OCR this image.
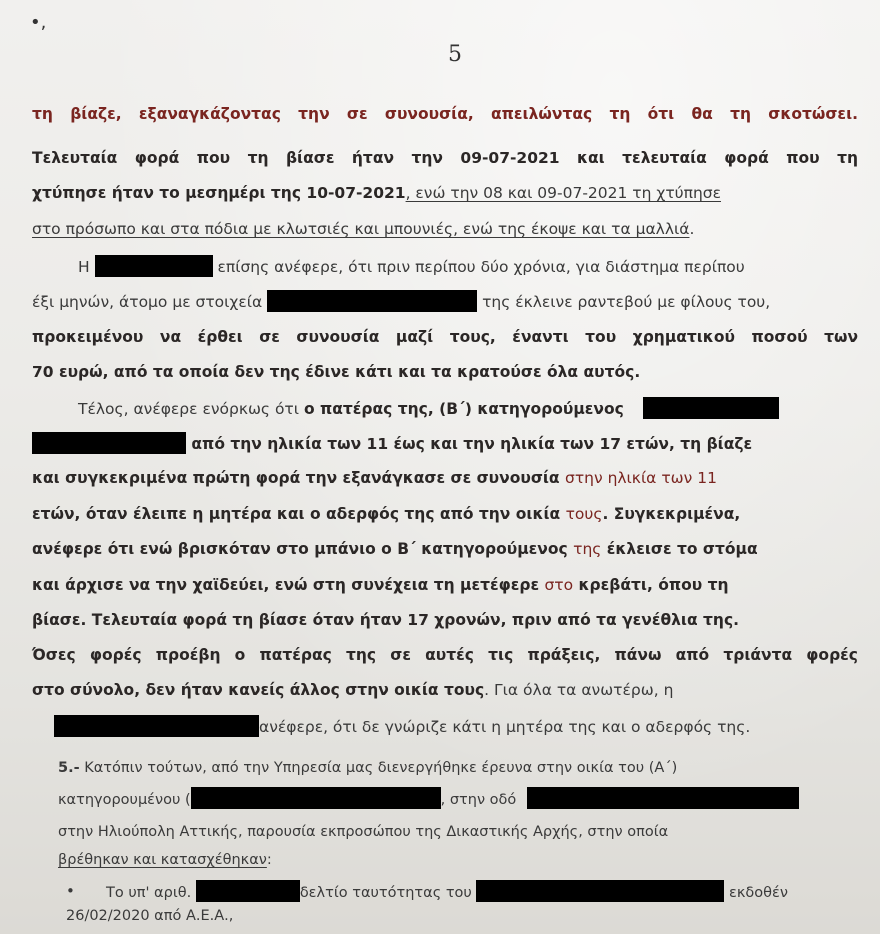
•,
5
τη βίαζε, εξαναγκάζοντας την σε συνουσία, απειλώντας τη ότι θα τη σκοτώσει.
Τελευταία φορά που τη βίασε ήταν την 09-07-2021 και τελευταία φορά που τη
χτύπησε ήταν το μεσημέρι της 10-07-2021, ενώ την 08 και 09-07-2021 τη χτύπησε
στο πρόσωπο και στα πόδια με κλωτσιές και μπουνιές, ενώ της έκοψε και τα μαλλιά.
Η	επίσης ανέφερε, ότι πριν περίπου δύο χρόνια, για διάστημα περίπου
έξι μηνών, άτομο με στοιχεία	της έκλεινε ραντεβού με φίλους του,
προκειμένου να έρθει σε συνουσία μαζί τους, έναντι του χρηματικού ποσού των
70 ευρώ, από τα οποία δεν της έδινε κάτι και τα κρατούσε όλα αυτός.
Τέλος, ανέφερε ενόρκως ότι ο πατέρας της, (Β΄) κατηγορούμενος
από την ηλικία των 11 έως και την ηλικία των 17 ετών, τη βίαζε
και συγκεκριμένα πρώτη φορά την εξανάγκασε σε συνουσία στην ηλικία των 11
ετών, όταν έλειπε η μητέρα και ο αδερφός της από την οικία τους. Συγκεκριμένα,
ανέφερε ότι ενώ βρισκόταν στο μπάνιο ο Β΄ κατηγορούμενος της έκλεισε το στόμα
και άρχισε να την χαϊδεύει, ενώ στη συνέχεια τη μετέφερε στο κρεβάτι, όπου τη
βίασε. Τελευταία φορά τη βίασε όταν ήταν 17 χρονών, πριν από τα γενέθλια της.
Όσες φορές προέβη ο πατέρας της σε αυτές τις πράξεις, πάνω από τριάντα φορές
στο σύνολο, δεν ήταν κανείς άλλος στην οικία τους. Για όλα τα ανωτέρω, η
ανέφερε, ότι δε γνώριζε κάτι η μητέρα της και ο αδερφός της.
5.- Κατόπιν τούτων, από την Υπηρεσία μας διενεργήθηκε έρευνα στην οικία του (Α΄)
κατηγορουμένου (	, στην οδό
στην Ηλιούπολη Αττικής, παρουσία εκπροσώπου της Δικαστικής Αρχής, στην οποία
βρέθηκαν και κατασχέθηκαν:
• Το υπ' αριθ.	δελτίο ταυτότητας του	εκδοθέν
26/02/2020 από Α.Ε.Α.,
